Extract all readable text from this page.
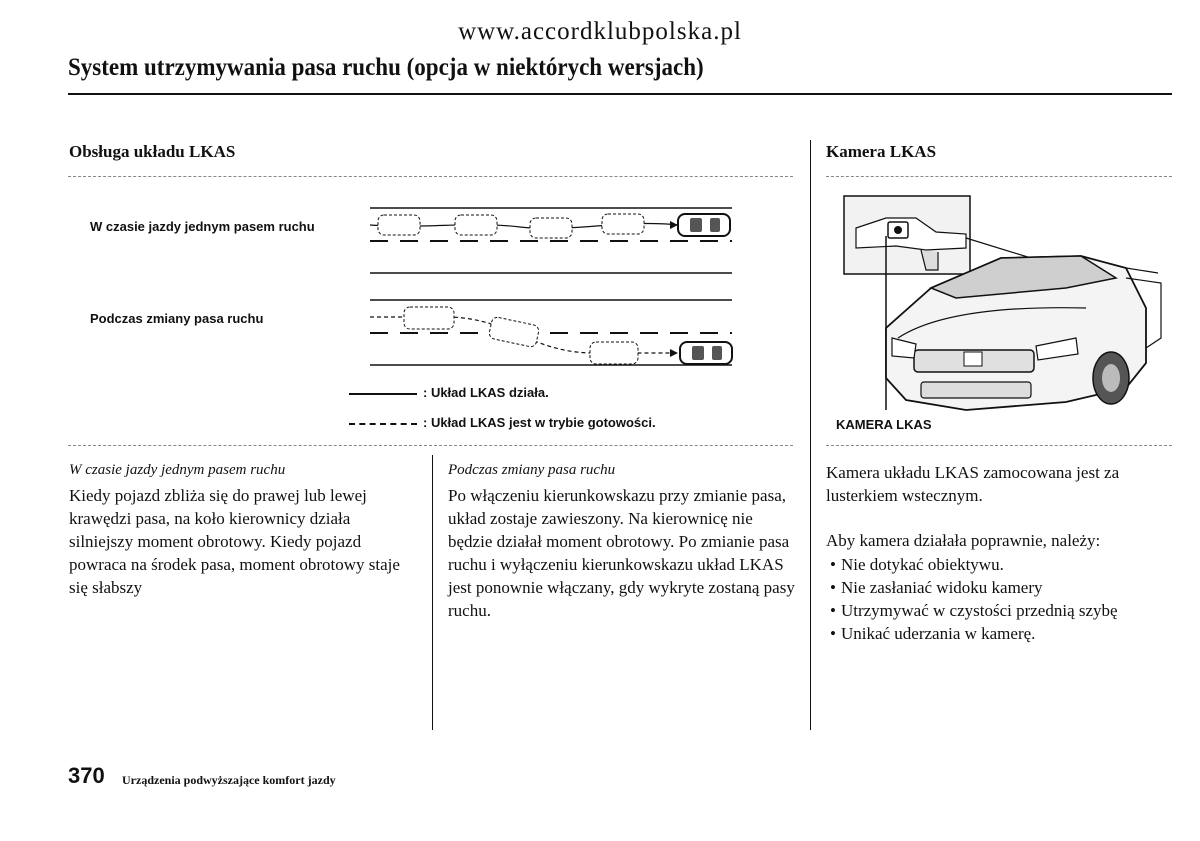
www.accordklubpolska.pl
System utrzymywania pasa ruchu (opcja w niektórych wersjach)
Obsługa układu LKAS	Kamera LKAS
W czasie jazdy jednym pasem ruchu
Podczas zmiany pasa ruchu
: Układ LKAS działa.
: Układ LKAS jest w trybie gotowości.	KAMERA LKAS
W czasie jazdy jednym pasem ruchu
Kiedy pojazd zbliża się do prawej lub lewej krawędzi pasa, na koło kierownicy działa silniejszy moment obrotowy. Kiedy pojazd powraca na środek pasa, moment obrotowy staje się słabszy
Podczas zmiany pasa ruchu
Po włączeniu kierunkowskazu przy zmianie pasa, układ zostaje zawieszony. Na kierownicę nie będzie działał moment obrotowy. Po zmianie pasa ruchu i wyłączeniu kierunkowskazu układ LKAS jest ponownie włączany, gdy wykryte zostaną pasy ruchu.
Kamera układu LKAS zamocowana jest za lusterkiem wstecznym.
Aby kamera działała poprawnie, należy:
• Nie dotykać obiektywu.
• Nie zasłaniać widoku kamery
• Utrzymywać w czystości przednią szybę
• Unikać uderzania w kamerę.
370 Urządzenia podwyższające komfort jazdy
